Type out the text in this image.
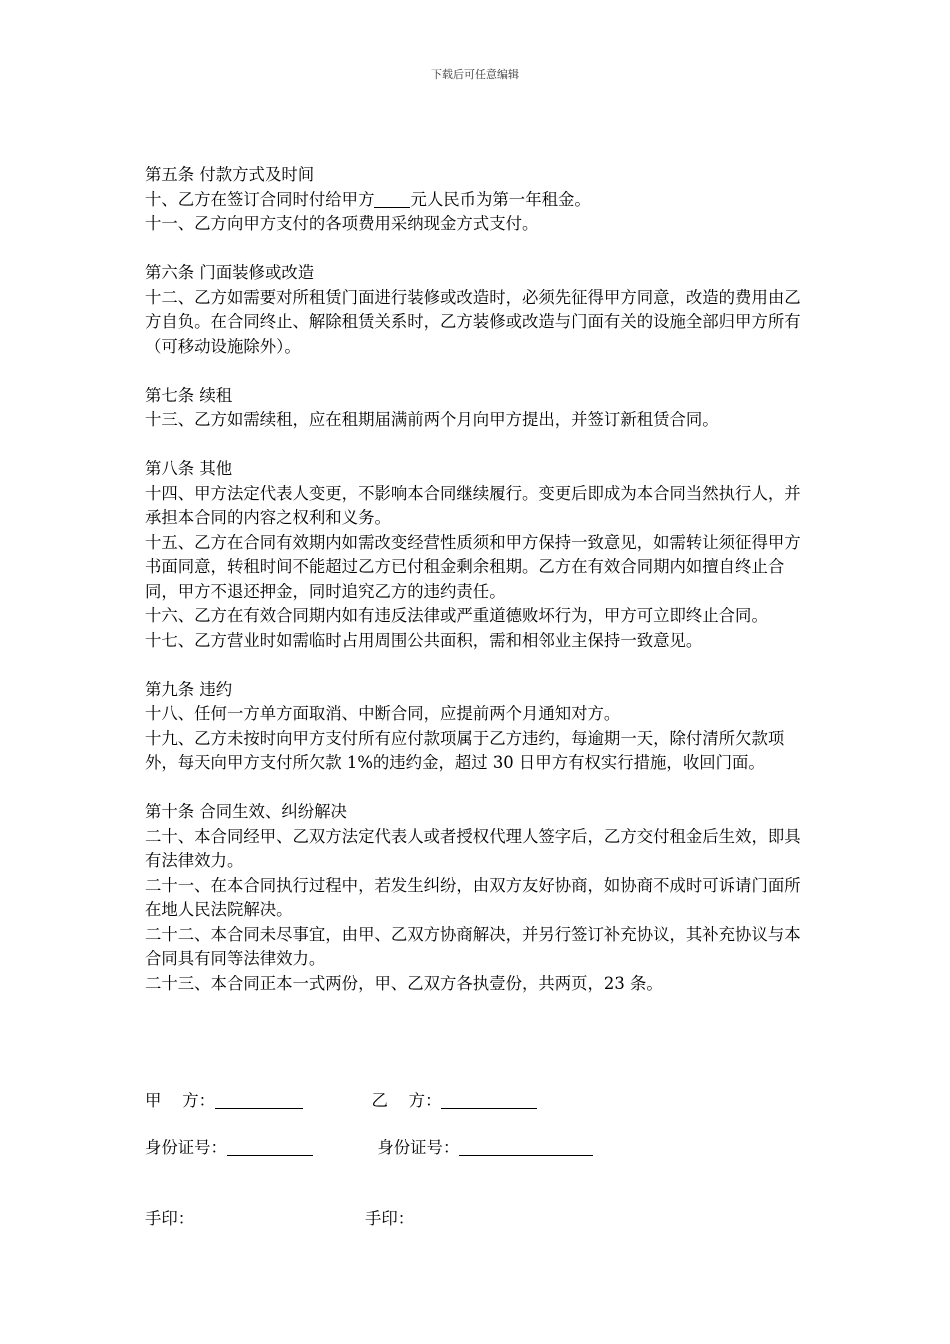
下载后可任意编辑

第五条 付款方式及时间

十、乙方在签订合同时付给甲方 元人民币为第一年租金。

十一、乙方向甲方支付的各项费用采纳现金方式支付。

第六条 门面装修或改造

十二、乙方如需要对所租赁门面进行装修或改造时，必须先征得甲方同意，改造的费用由乙方自负。在合同终止、解除租赁关系时，乙方装修或改造与门面有关的设施全部归甲方所有（可移动设施除外）。

第七条 续租

十三、乙方如需续租，应在租期届满前两个月向甲方提出，并签订新租赁合同。

第八条 其他

十四、甲方法定代表人变更，不影响本合同继续履行。变更后即成为本合同当然执行人，并承担本合同的内容之权利和义务。

十五、乙方在合同有效期内如需改变经营性质须和甲方保持一致意见，如需转让须征得甲方书面同意，转租时间不能超过乙方已付租金剩余租期。乙方在有效合同期内如擅自终止合同，甲方不退还押金，同时追究乙方的违约责任。

十六、乙方在有效合同期内如有违反法律或严重道德败坏行为，甲方可立即终止合同。

十七、乙方营业时如需临时占用周围公共面积，需和相邻业主保持一致意见。

第九条 违约

十八、任何一方单方面取消、中断合同，应提前两个月通知对方。

十九、乙方未按时向甲方支付所有应付款项属于乙方违约，每逾期一天，除付清所欠款项外，每天向甲方支付所欠款 1%的违约金，超过 30 日甲方有权实行措施，收回门面。

第十条 合同生效、纠纷解决

二十、本合同经甲、乙双方法定代表人或者授权代理人签字后，乙方交付租金后生效，即具有法律效力。

二十一、在本合同执行过程中，若发生纠纷，由双方友好协商，如协商不成时可诉请门面所在地人民法院解决。

二十二、本合同未尽事宜，由甲、乙双方协商解决，并另行签订补充协议，其补充协议与本合同具有同等法律效力。

二十三、本合同正本一式两份，甲、乙双方各执壹份，共两页，23 条。

甲    方：	乙    方：
身份证号：	身份证号：
手印：	手印：
